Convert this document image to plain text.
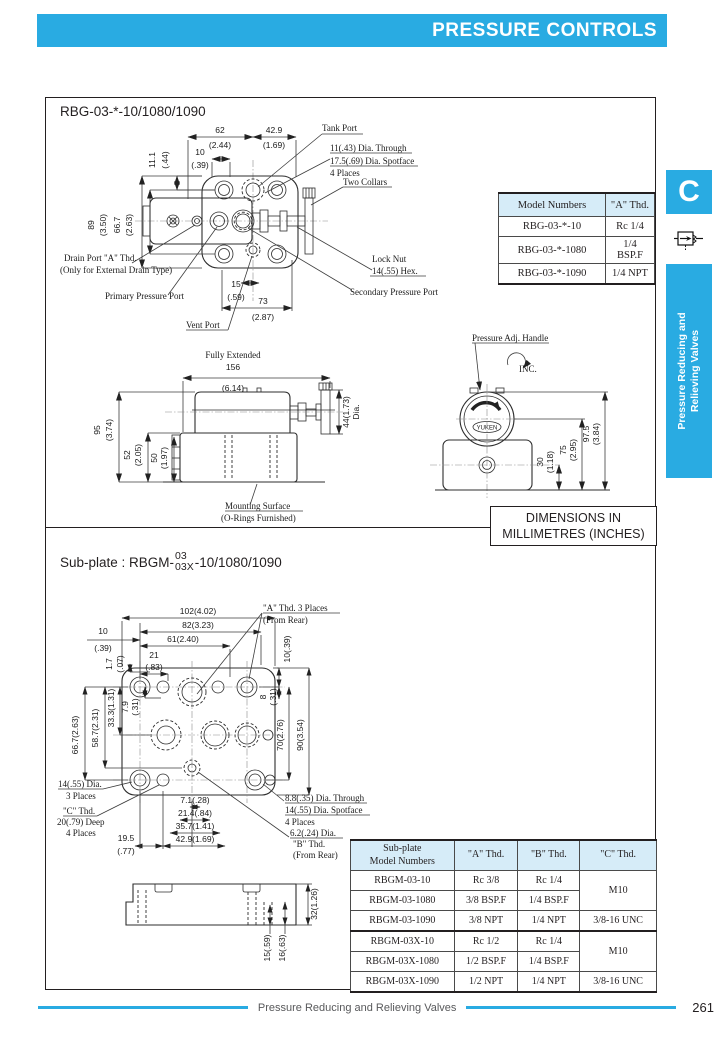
PRESSURE CONTROLS
RBG-03-*-10/1080/1090
62
(2.44)
42.9
(1.69)
10
(.39)
11.1 (.44)
89 (3.50) 66.7 (2.63)
15
(.59) 73
(2.87)
Tank Port
11(.43) Dia. Through
17.5(.69) Dia. Spotface
4 Places
Two Collars
Lock Nut
14(.55) Hex.
Secondary Pressure Port
Drain Port "A" Thd.
(Only for External Drain Type)
Primary Pressure Port
Vent Port
Fully Extended
156
(6.14)
44(1.73) Dia.
95 (3.74)
52 (2.05) 50 (1.97)
Mounting Surface
(O-Rings Furnished)
Pressure Adj. Handle
INC.
YUKEN
30 (1.18)
75 (2.95)
97.5 (3.84)
DIMENSIONS IN
MILLIMETRES (INCHES)
Sub-plate : RBGM- 03
03X -10/1080/1090
102(4.02)
82(3.23)
61(2.40)
10
(.39)
21
(.83)
1.7 (.07)
10(.39)
8 (.31)
70(2.76) 90(3.54)
66.7(2.63) 58.7(2.31)
33.3(1.31) 7.9 (.31)
7.1(.28)
21.4(.84)
35.7(1.41)
42.9(1.69)
19.5
(.77)
"A" Thd. 3 Places
(From Rear)
14(.55) Dia.
3 Places
"C" Thd.
20(.79) Deep
4 Places
8.8(.35) Dia. Through
14(.55) Dia. Spotface
4 Places
6.2(.24) Dia.
"B" Thd.
(From Rear)
32(1.26)
15(.59) 16(.63)
Model Numbers	"A" Thd.
RBG-03-*-10	Rc 1/4
RBG-03-*-1080	1/4 BSP.F
RBG-03-*-1090	1/4 NPT
Sub-plate
Model Numbers	"A" Thd.	"B" Thd.	"C" Thd.
RBGM-03-10	Rc 3/8	Rc 1/4	M10
RBGM-03-1080	3/8 BSP.F	1/4 BSP.F	
RBGM-03-1090	3/8 NPT	1/4 NPT	3/8-16 UNC
RBGM-03X-10	Rc 1/2	Rc 1/4	M10
RBGM-03X-1080	1/2 BSP.F	1/4 BSP.F	
RBGM-03X-1090	1/2 NPT	1/4 NPT	3/8-16 UNC
C
Pressure Reducing and Relieving Valves
Pressure Reducing and Relieving Valves	261
